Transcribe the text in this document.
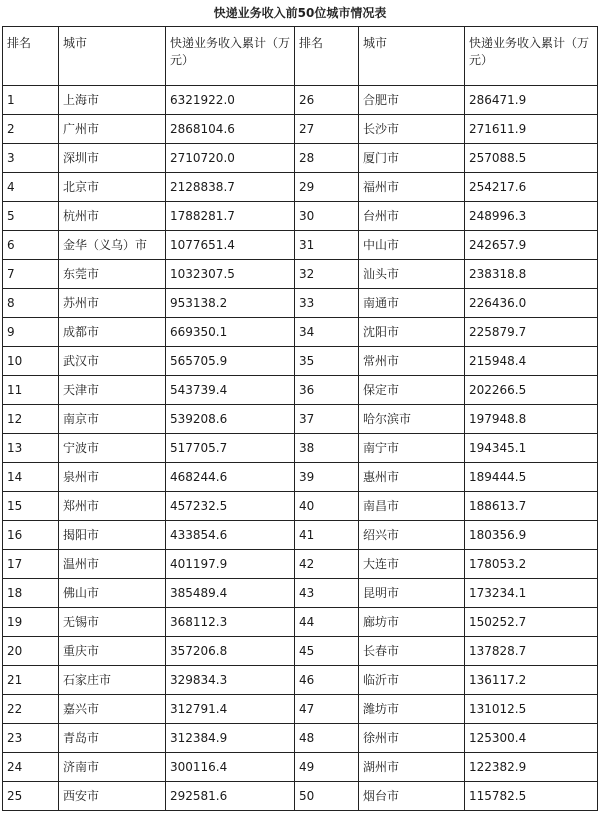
快递业务收入前50位城市情况表
排名	城市	快递业务收入累计（万元）	排名	城市	快递业务收入累计（万元）
1	上海市	6321922.0	26	合肥市	286471.9
2	广州市	2868104.6	27	长沙市	271611.9
3	深圳市	2710720.0	28	厦门市	257088.5
4	北京市	2128838.7	29	福州市	254217.6
5	杭州市	1788281.7	30	台州市	248996.3
6	金华（义乌）市	1077651.4	31	中山市	242657.9
7	东莞市	1032307.5	32	汕头市	238318.8
8	苏州市	953138.2	33	南通市	226436.0
9	成都市	669350.1	34	沈阳市	225879.7
10	武汉市	565705.9	35	常州市	215948.4
11	天津市	543739.4	36	保定市	202266.5
12	南京市	539208.6	37	哈尔滨市	197948.8
13	宁波市	517705.7	38	南宁市	194345.1
14	泉州市	468244.6	39	惠州市	189444.5
15	郑州市	457232.5	40	南昌市	188613.7
16	揭阳市	433854.6	41	绍兴市	180356.9
17	温州市	401197.9	42	大连市	178053.2
18	佛山市	385489.4	43	昆明市	173234.1
19	无锡市	368112.3	44	廊坊市	150252.7
20	重庆市	357206.8	45	长春市	137828.7
21	石家庄市	329834.3	46	临沂市	136117.2
22	嘉兴市	312791.4	47	潍坊市	131012.5
23	青岛市	312384.9	48	徐州市	125300.4
24	济南市	300116.4	49	湖州市	122382.9
25	西安市	292581.6	50	烟台市	115782.5
